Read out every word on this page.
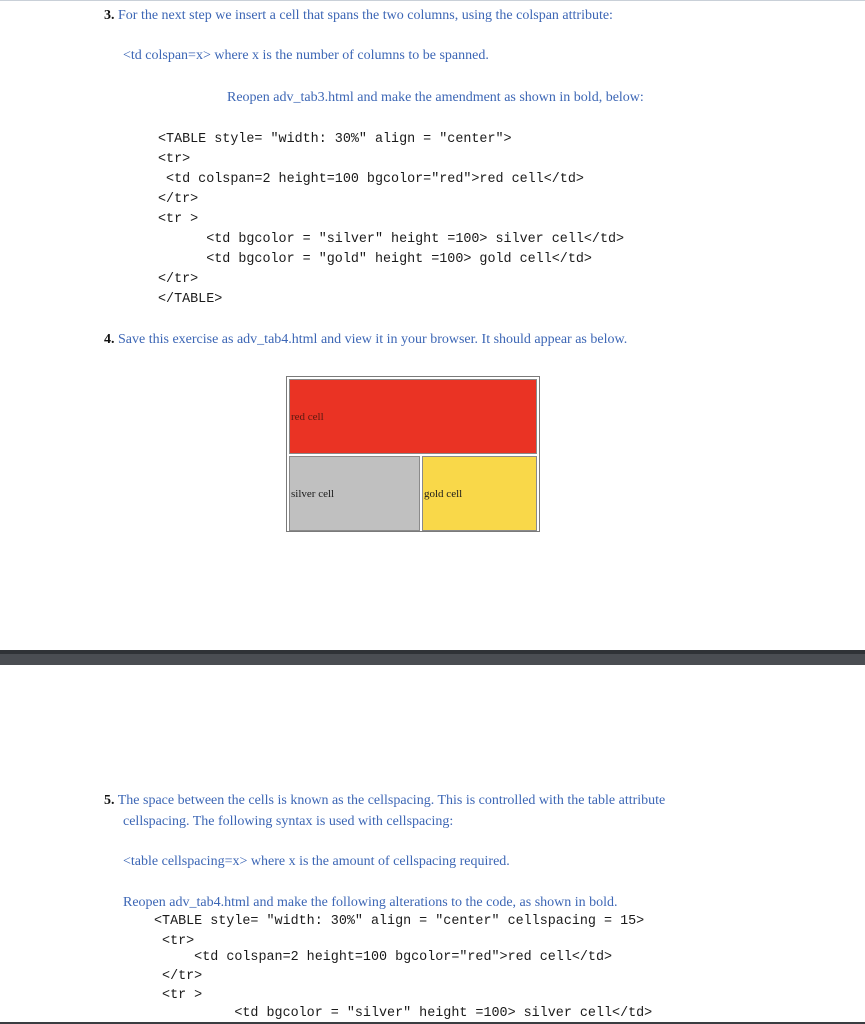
3. For the next step we insert a cell that spans the two columns, using the colspan attribute:
<td colspan=x> where x is the number of columns to be spanned.
Reopen adv_tab3.html and make the amendment as shown in bold, below:
<TABLE style= "width: 30%" align = "center">
<tr>
<td colspan=2 height=100 bgcolor="red">red cell</td>
</tr>
<tr >
<td bgcolor = "silver" height =100> silver cell</td>
<td bgcolor = "gold" height =100> gold cell</td>
</tr>
</TABLE>
4. Save this exercise as adv_tab4.html and view it in your browser. It should appear as below.
red cell
silver cell	gold cell
5. The space between the cells is known as the cellspacing. This is controlled with the table attribute
cellspacing. The following syntax is used with cellspacing:
<table cellspacing=x> where x is the amount of cellspacing required.
Reopen adv_tab4.html and make the following alterations to the code, as shown in bold.
<TABLE style= "width: 30%" align = "center" cellspacing = 15>
<tr>
<td colspan=2 height=100 bgcolor="red">red cell</td>
</tr>
<tr >
<td bgcolor = "silver" height =100> silver cell</td>
